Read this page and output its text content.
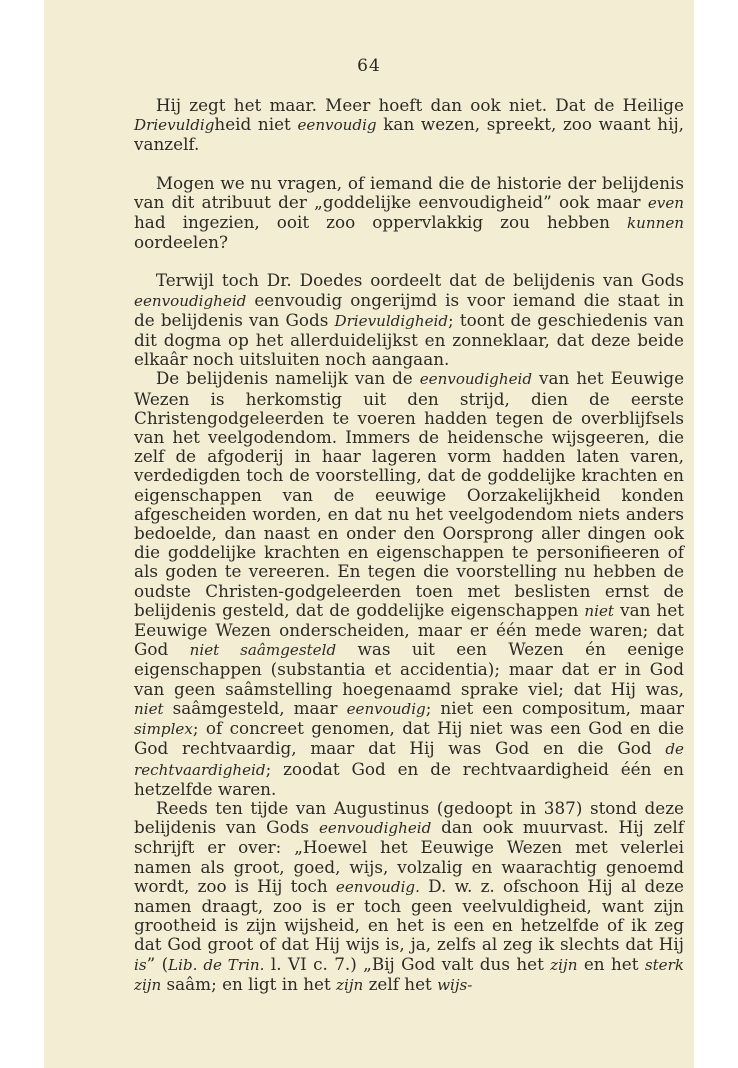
64

Hij zegt het maar. Meer hoeft dan ook niet. Dat de Heilige Drievuldigheid niet eenvoudig kan wezen, spreekt, zoo waant hij, vanzelf.

Mogen we nu vragen, of iemand die de historie der belijdenis van dit atribuut der „goddelijke eenvoudigheid” ook maar even had ingezien, ooit zoo oppervlakkig zou hebben kunnen oordeelen?

Terwijl toch Dr. Doedes oordeelt dat de belijdenis van Gods eenvoudigheid eenvoudig ongerijmd is voor iemand die staat in de belijdenis van Gods Drievuldigheid; toont de geschiedenis van dit dogma op het allerduidelijkst en zonneklaar, dat deze beide elkaâr noch uitsluiten noch aangaan.

De belijdenis namelijk van de eenvoudigheid van het Eeuwige Wezen is herkomstig uit den strijd, dien de eerste Christengodgeleerden te voeren hadden tegen de overblijfsels van het veelgodendom. Immers de heidensche wijsgeeren, die zelf de afgoderij in haar lageren vorm hadden laten varen, verdedigden toch de voorstelling, dat de goddelijke krachten en eigenschappen van de eeuwige Oorzakelijkheid konden afgescheiden worden, en dat nu het veelgodendom niets anders bedoelde, dan naast en onder den Oorsprong aller dingen ook die goddelijke krachten en eigenschappen te personifieeren of als goden te vereeren. En tegen die voorstelling nu hebben de oudste Christen-godgeleerden toen met beslisten ernst de belijdenis gesteld, dat de goddelijke eigenschappen niet van het Eeuwige Wezen onderscheiden, maar er één mede waren; dat God niet saâmgesteld was uit een Wezen én eenige eigenschappen (substantia et accidentia); maar dat er in God van geen saâmstelling hoegenaamd sprake viel; dat Hij was, niet saâmgesteld, maar eenvoudig; niet een compositum, maar simplex; of concreet genomen, dat Hij niet was een God en die God rechtvaardig, maar dat Hij was God en die God de rechtvaardigheid; zoodat God en de rechtvaardigheid één en hetzelfde waren.

Reeds ten tijde van Augustinus (gedoopt in 387) stond deze belijdenis van Gods eenvoudigheid dan ook muurvast. Hij zelf schrijft er over: „Hoewel het Eeuwige Wezen met velerlei namen als groot, goed, wijs, volzalig en waarachtig genoemd wordt, zoo is Hij toch eenvoudig. D. w. z. ofschoon Hij al deze namen draagt, zoo is er toch geen veelvuldigheid, want zijn grootheid is zijn wijsheid, en het is een en hetzelfde of ik zeg dat God groot of dat Hij wijs is, ja, zelfs al zeg ik slechts dat Hij is” (Lib. de Trin. l. VI c. 7.) „Bij God valt dus het zijn en het sterk zijn saâm; en ligt in het zijn zelf het wijs-
